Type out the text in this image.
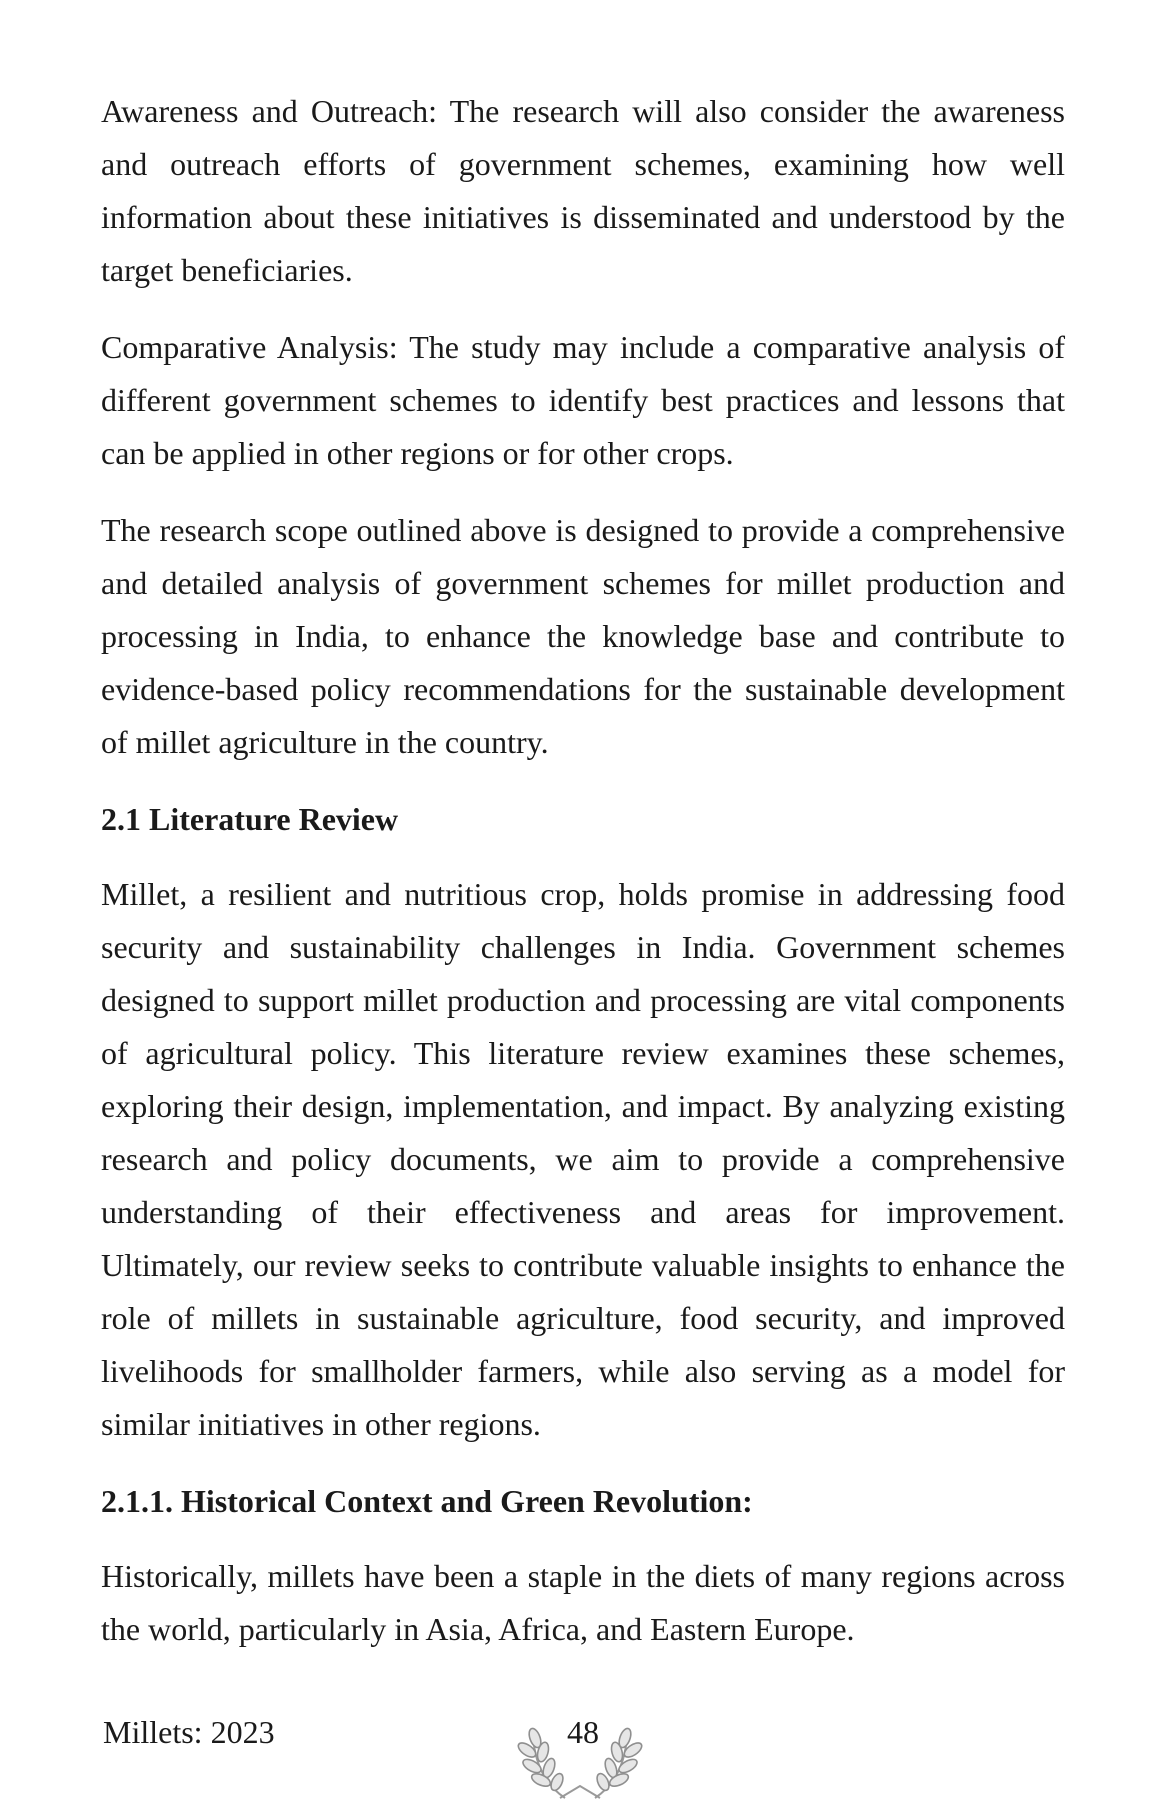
Awareness and Outreach: The research will also consider the awareness and outreach efforts of government schemes, examining how well information about these initiatives is disseminated and understood by the target beneficiaries.

Comparative Analysis: The study may include a comparative analysis of different government schemes to identify best practices and lessons that can be applied in other regions or for other crops.

The research scope outlined above is designed to provide a comprehensive and detailed analysis of government schemes for millet production and processing in India, to enhance the knowledge base and contribute to evidence-based policy recommendations for the sustainable development of millet agriculture in the country.

2.1 Literature Review

Millet, a resilient and nutritious crop, holds promise in addressing food security and sustainability challenges in India. Government schemes designed to support millet production and processing are vital components of agricultural policy. This literature review examines these schemes, exploring their design, implementation, and impact. By analyzing existing research and policy documents, we aim to provide a comprehensive understanding of their effectiveness and areas for improvement. Ultimately, our review seeks to contribute valuable insights to enhance the role of millets in sustainable agriculture, food security, and improved livelihoods for smallholder farmers, while also serving as a model for similar initiatives in other regions.

2.1.1. Historical Context and Green Revolution:

Historically, millets have been a staple in the diets of many regions across the world, particularly in Asia, Africa, and Eastern Europe.

Millets: 2023	48
